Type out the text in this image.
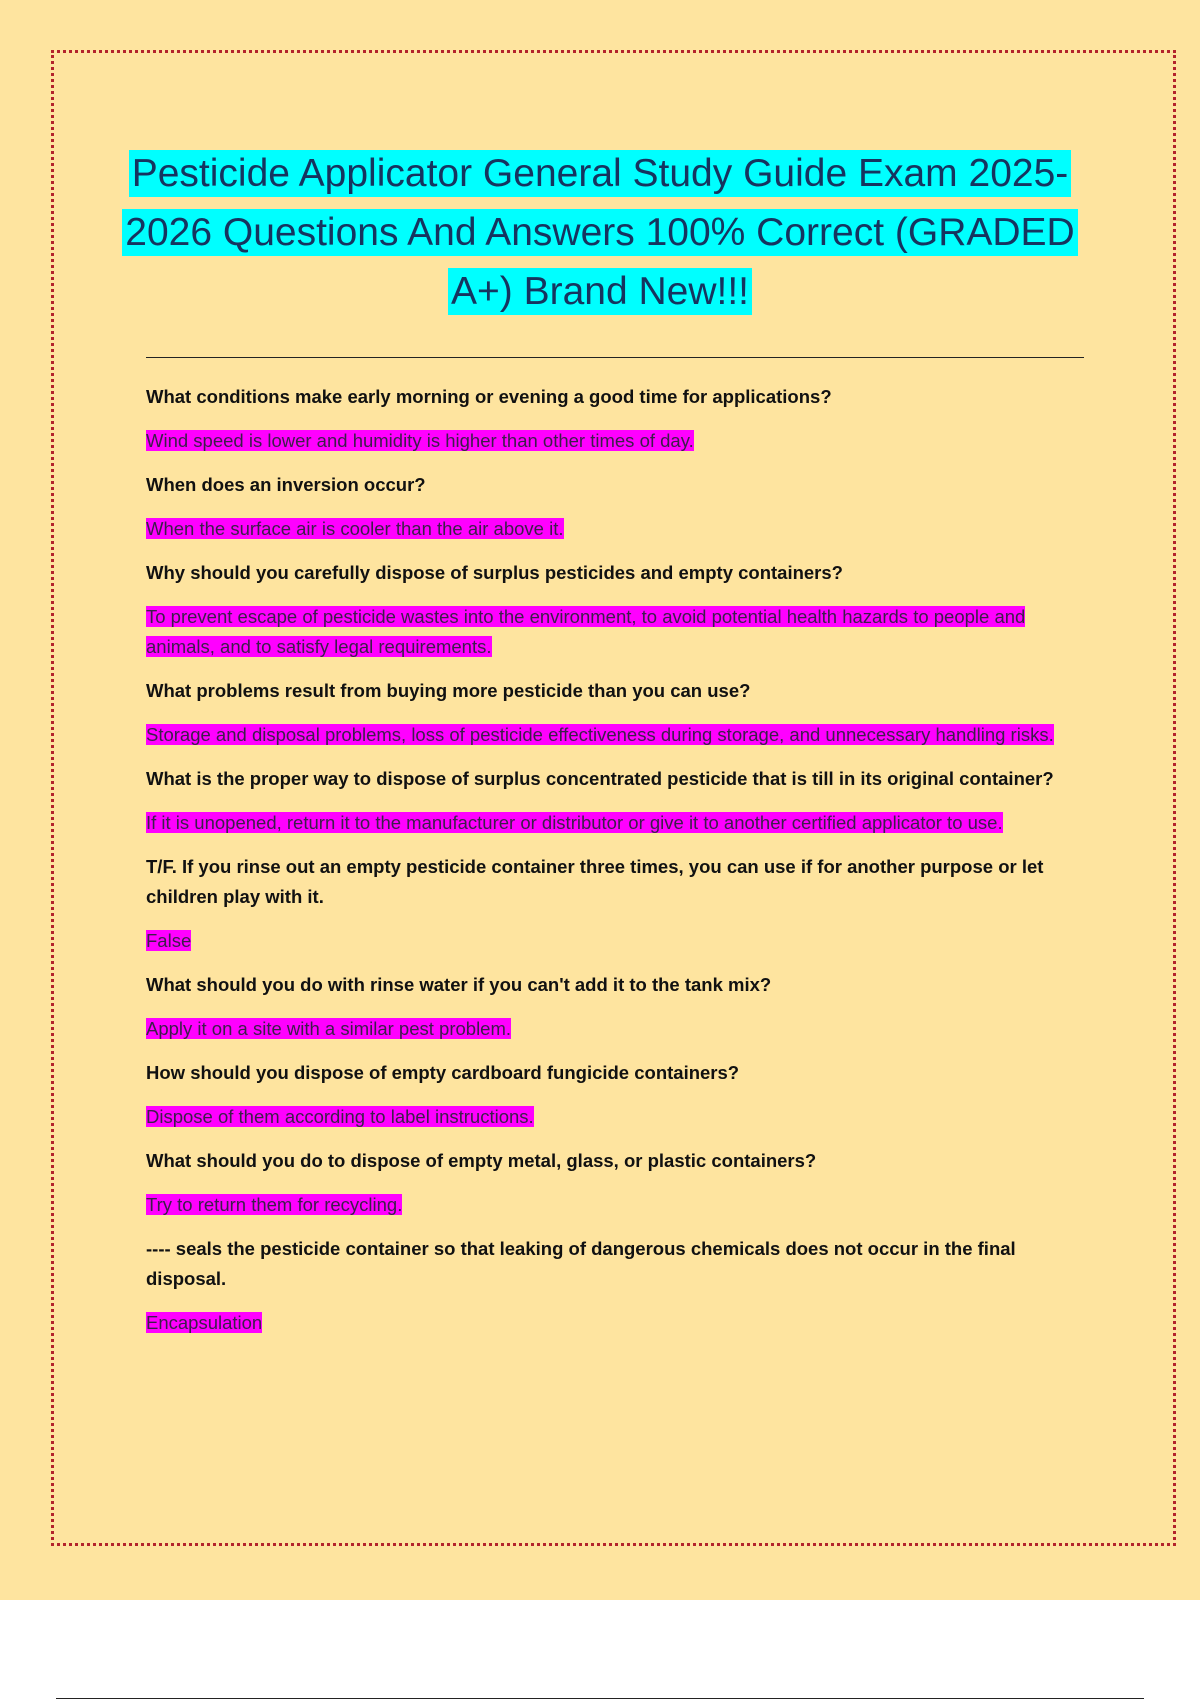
Pesticide Applicator General Study Guide Exam 2025-2026 Questions And Answers 100% Correct (GRADED A+) Brand New!!!

What conditions make early morning or evening a good time for applications?

Wind speed is lower and humidity is higher than other times of day.

When does an inversion occur?

When the surface air is cooler than the air above it.

Why should you carefully dispose of surplus pesticides and empty containers?

To prevent escape of pesticide wastes into the environment, to avoid potential health hazards to people and animals, and to satisfy legal requirements.

What problems result from buying more pesticide than you can use?

Storage and disposal problems, loss of pesticide effectiveness during storage, and unnecessary handling risks.

What is the proper way to dispose of surplus concentrated pesticide that is till in its original container?

If it is unopened, return it to the manufacturer or distributor or give it to another certified applicator to use.

T/F. If you rinse out an empty pesticide container three times, you can use if for another purpose or let children play with it.

False

What should you do with rinse water if you can't add it to the tank mix?

Apply it on a site with a similar pest problem.

How should you dispose of empty cardboard fungicide containers?

Dispose of them according to label instructions.

What should you do to dispose of empty metal, glass, or plastic containers?

Try to return them for recycling.

---- seals the pesticide container so that leaking of dangerous chemicals does not occur in the final disposal.

Encapsulation
